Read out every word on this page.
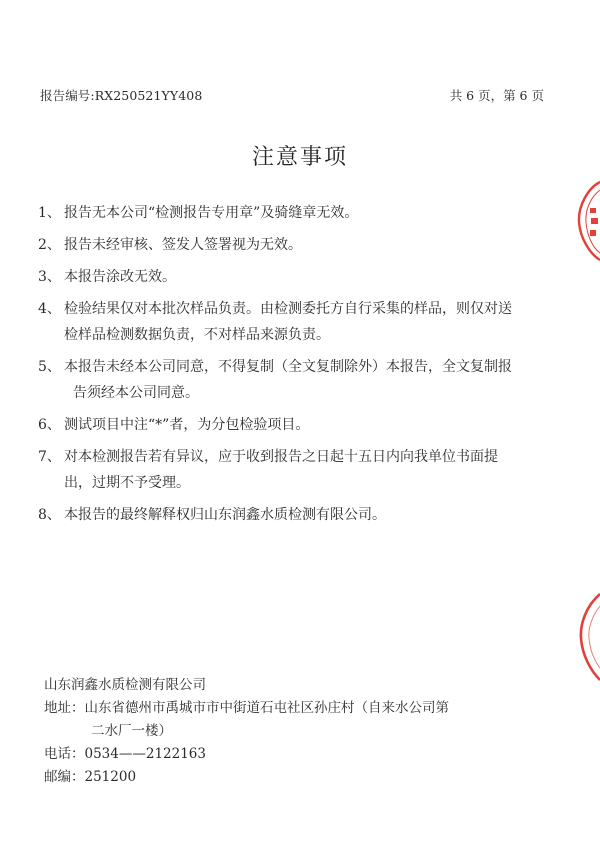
报告编号:RX250521YY408	共 6 页，第 6 页
注意事项

1、 报告无本公司“检测报告专用章”及骑缝章无效。

2、 报告未经审核、签发人签署视为无效。

3、 本报告涂改无效。

4、 检验结果仅对本批次样品负责。由检测委托方自行采集的样品，则仅对送
检样品检测数据负责，不对样品来源负责。

5、 本报告未经本公司同意，不得复制（全文复制除外）本报告，全文复制报
告须经本公司同意。

6、 测试项目中注“*”者，为分包检验项目。

7、 对本检测报告若有异议，应于收到报告之日起十五日内向我单位书面提
出，过期不予受理。

8、 本报告的最终解释权归山东润鑫水质检测有限公司。

山东润鑫水质检测有限公司
地址：山东省德州市禹城市市中街道石屯社区孙庄村（自来水公司第
二水厂一楼）
电话：0534——2122163
邮编：251200
